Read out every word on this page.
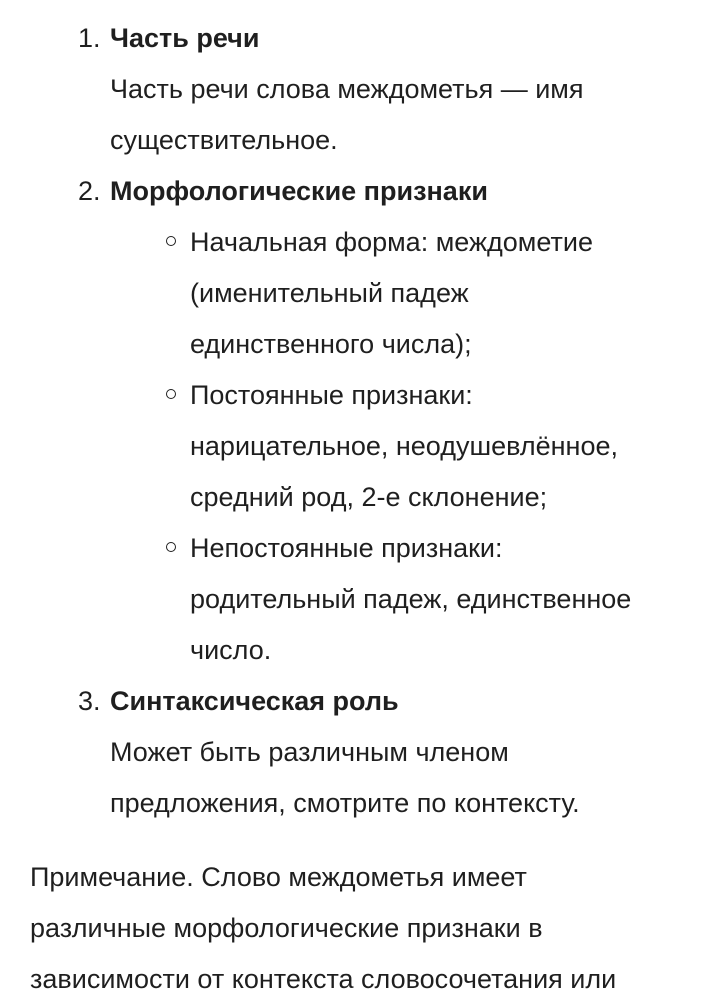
1. Часть речи
Часть речи слова междометья — имя
существительное.
2. Морфологические признаки
Начальная форма: междометие
(именительный падеж
единственного числа);
Постоянные признаки:
нарицательное, неодушевлённое,
средний род, 2-е склонение;
Непостоянные признаки:
родительный падеж, единственное
число.
3. Синтаксическая роль
Может быть различным членом
предложения, смотрите по контексту.
Примечание. Слово междометья имеет
различные морфологические признаки в
зависимости от контекста словосочетания или
